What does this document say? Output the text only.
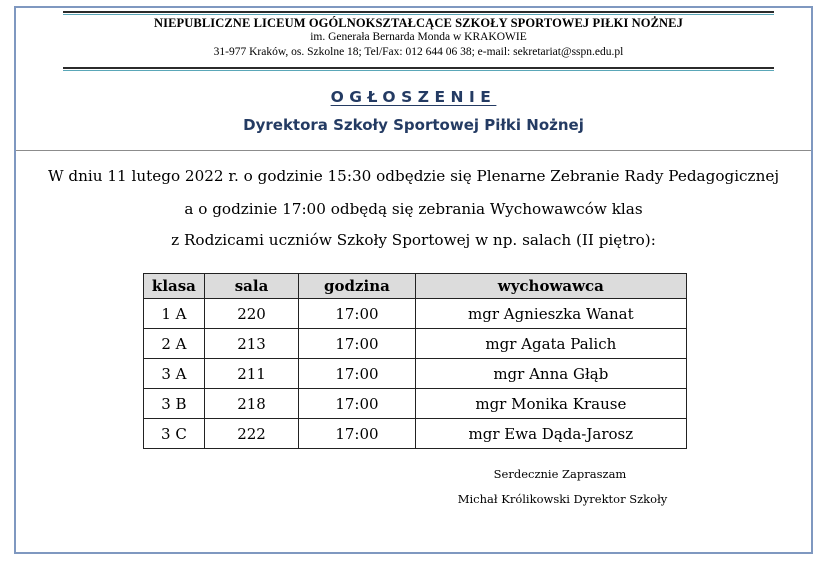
NIEPUBLICZNE LICEUM OGÓLNOKSZTAŁCĄCE SZKOŁY SPORTOWEJ PIŁKI NOŻNEJ
im. Generała Bernarda Monda w KRAKOWIE
31-977 Kraków, os. Szkolne 18; Tel/Fax: 012 644 06 38; e-mail: sekretariat@sspn.edu.pl
OGŁOSZENIE
Dyrektora Szkoły Sportowej Piłki Nożnej
W dniu 11 lutego 2022 r. o godzinie 15:30 odbędzie się Plenarne Zebranie Rady Pedagogicznej
a o godzinie 17:00 odbędą się zebrania Wychowawców klas
z Rodzicami uczniów Szkoły Sportowej w np. salach (II piętro):
klasa	sala	godzina	wychowawca
1 A	220	17:00	mgr Agnieszka Wanat
2 A	213	17:00	mgr Agata Palich
3 A	211	17:00	mgr Anna Głąb
3 B	218	17:00	mgr Monika Krause
3 C	222	17:00	mgr Ewa Dąda-Jarosz
Serdecznie Zapraszam
Michał Królikowski Dyrektor Szkoły
